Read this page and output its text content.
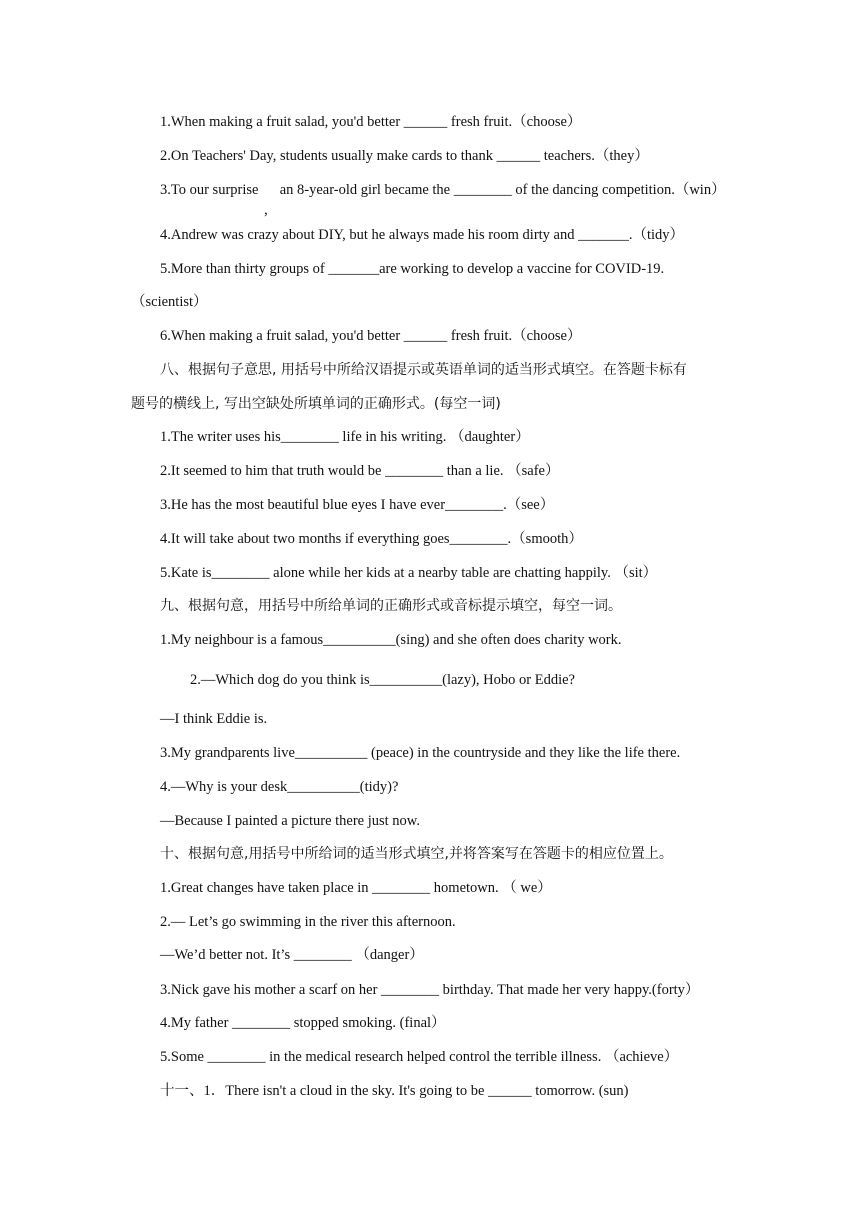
1.When making a fruit salad, you'd better ______ fresh fruit.（choose）
2.On Teachers' Day, students usually make cards to thank ______ teachers.（they）
3.To our surprise
,
an 8-year-old girl became the ________ of the dancing competition.（win）
4.Andrew was crazy about DIY, but he always made his room dirty and _______.（tidy）
5.More than thirty groups of _______are working to develop a vaccine for COVID-19.
（scientist）
6.When making a fruit salad, you'd better ______ fresh fruit.（choose）
八、根据句子意思, 用括号中所给汉语提示或英语单词的适当形式填空。在答题卡标有
题号的横线上, 写出空缺处所填单词的正确形式。(每空一词)
1.The writer uses his________ life in his writing. （daughter）
2.It seemed to him that truth would be ________ than a lie. （safe）
3.He has the most beautiful blue eyes I have ever________.（see）
4.It will take about two months if everything goes________.（smooth）
5.Kate is________ alone while her kids at a nearby table are chatting happily. （sit）
九、根据句意，用括号中所给单词的正确形式或音标提示填空，每空一词。
1.My neighbour is a famous__________(sing) and she often does charity work.
2.—Which dog do you think is__________(lazy), Hobo or Eddie?
—I think Eddie is.
3.My grandparents live__________ (peace) in the countryside and they like the life there.
4.—Why is your desk__________(tidy)?
—Because I painted a picture there just now.
十、根据句意,用括号中所给词的适当形式填空,并将答案写在答题卡的相应位置上。
1.Great changes have taken place in ________ hometown. （ we）
2.— Let’s go swimming in the river this afternoon.
—We’d better not. It’s ________ （danger）
3.Nick gave his mother a scarf on her ________ birthday. That made her very happy.(forty）
4.My father ________ stopped smoking. (final）
5.Some ________ in the medical research helped control the terrible illness. （achieve）
十一、1．There isn't a cloud in the sky. It's going to be ______ tomorrow. (sun)
